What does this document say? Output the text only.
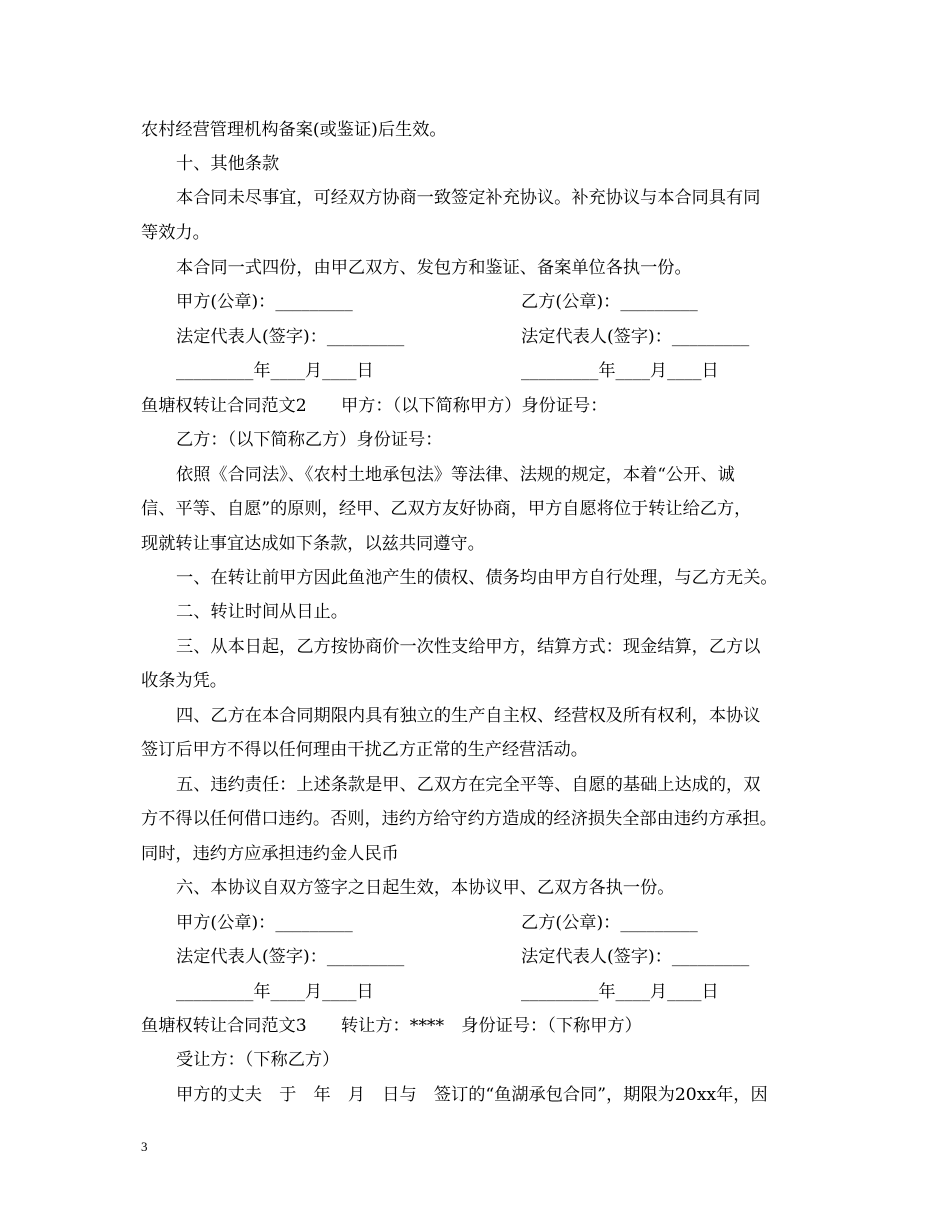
农村经营管理机构备案(或鉴证)后生效。
十、其他条款
本合同未尽事宜，可经双方协商一致签定补充协议。补充协议与本合同具有同
等效力。
本合同一式四份，由甲乙双方、发包方和鉴证、备案单位各执一份。
甲方(公章)：_________	乙方(公章)：_________
法定代表人(签字)：_________	法定代表人(签字)：_________
_________年____月____日	_________年____月____日
鱼塘权转让合同范文2　　甲方：（以下简称甲方）身份证号：
乙方：（以下简称乙方）身份证号：
依照《合同法》、《农村土地承包法》等法律、法规的规定，本着“公开、诚
信、平等、自愿”的原则，经甲、乙双方友好协商，甲方自愿将位于转让给乙方，
现就转让事宜达成如下条款，以兹共同遵守。
一、在转让前甲方因此鱼池产生的债权、债务均由甲方自行处理，与乙方无关。
二、转让时间从日止。
三、从本日起，乙方按协商价一次性支给甲方，结算方式：现金结算，乙方以
收条为凭。
四、乙方在本合同期限内具有独立的生产自主权、经营权及所有权利，本协议
签订后甲方不得以任何理由干扰乙方正常的生产经营活动。
五、违约责任：上述条款是甲、乙双方在完全平等、自愿的基础上达成的，双
方不得以任何借口违约。否则，违约方给守约方造成的经济损失全部由违约方承担。
同时，违约方应承担违约金人民币
六、本协议自双方签字之日起生效，本协议甲、乙双方各执一份。
甲方(公章)：_________	乙方(公章)：_________
法定代表人(签字)：_________	法定代表人(签字)：_________
_________年____月____日	_________年____月____日
鱼塘权转让合同范文3　　转让方：****　身份证号：（下称甲方）
受让方：（下称乙方）
甲方的丈夫　于　年　月　日与　签订的“鱼湖承包合同”，期限为20xx年，因
3
